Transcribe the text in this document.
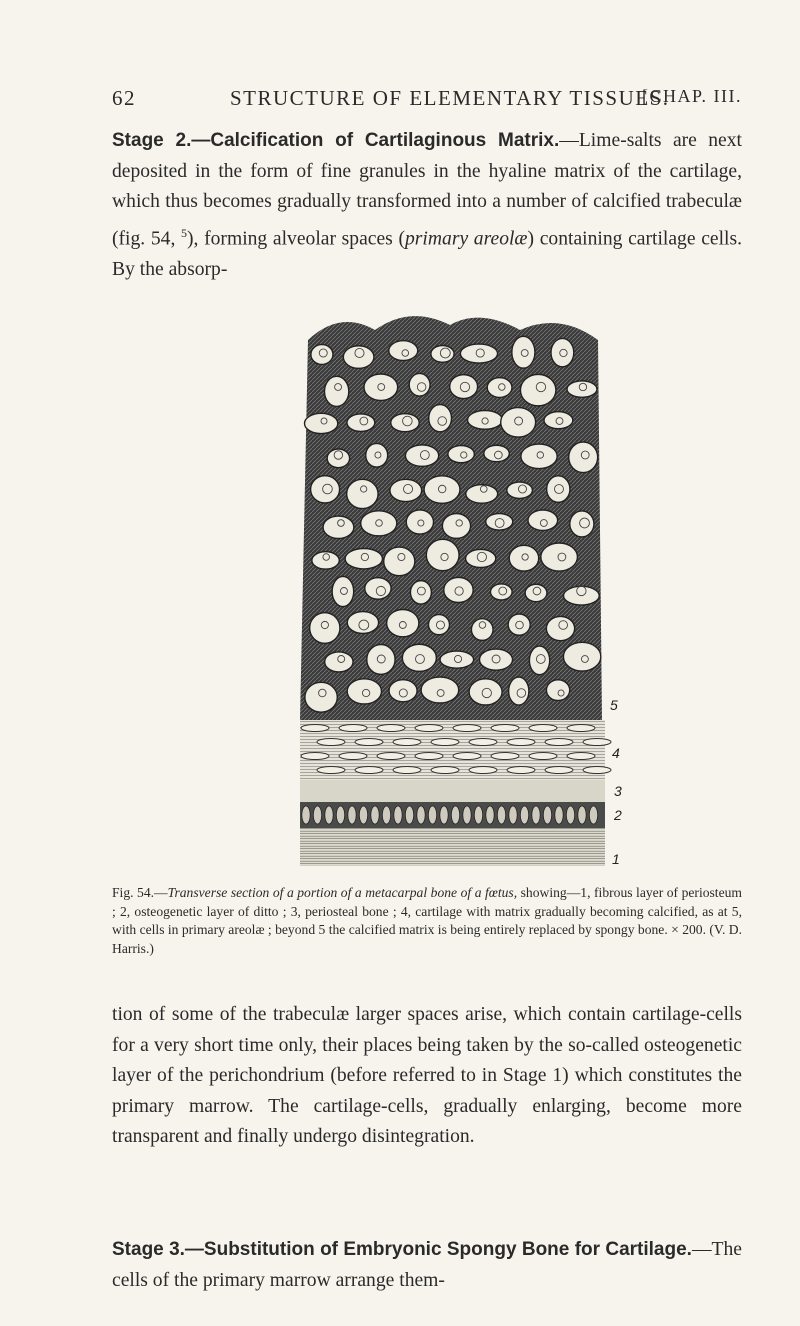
62	STRUCTURE OF ELEMENTARY TISSUES.
[CHAP. III.
Stage 2.—Calcification of Cartilaginous Matrix.—Lime-salts are next deposited in the form of fine granules in the hyaline matrix of the cartilage, which thus becomes gradually transformed into a number of calcified trabeculæ (fig. 54, $^5$), forming alveolar spaces (primary areolæ) containing cartilage cells. By the absorp-
5
4
3
2
1
Fig. 54.—Transverse section of a portion of a metacarpal bone of a fœtus, showing—1, fibrous layer of periosteum ; 2, osteogenetic layer of ditto ; 3, periosteal bone ; 4, cartilage with matrix gradually becoming calcified, as at 5, with cells in primary areolæ ; beyond 5 the calcified matrix is being entirely replaced by spongy bone. × 200. (V. D. Harris.)
tion of some of the trabeculæ larger spaces arise, which contain cartilage-cells for a very short time only, their places being taken by the so-called osteogenetic layer of the perichondrium (before referred to in Stage 1) which constitutes the primary marrow. The cartilage-cells, gradually enlarging, become more transparent and finally undergo disintegration.
Stage 3.—Substitution of Embryonic Spongy Bone for Cartilage.—The cells of the primary marrow arrange them-
